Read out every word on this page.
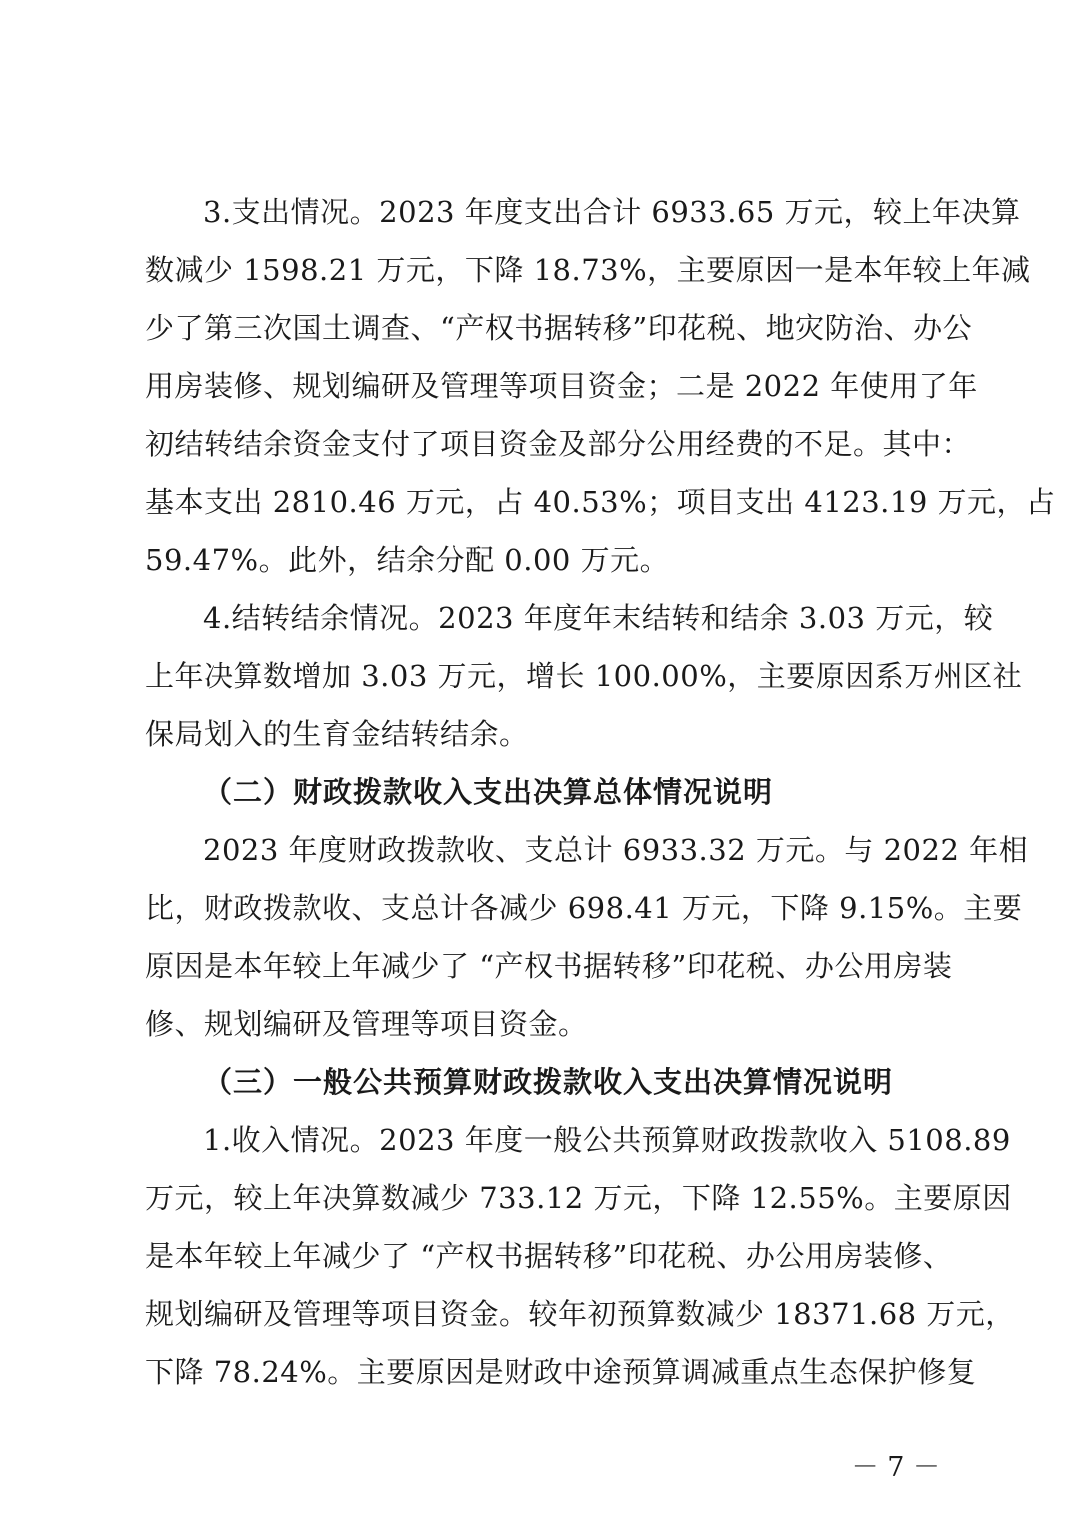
3.支出情况。2023 年度支出合计 6933.65 万元，较上年决算
数减少 1598.21 万元，下降 18.73%，主要原因一是本年较上年减
少了第三次国土调查、“产权书据转移”印花税、地灾防治、办公
用房装修、规划编研及管理等项目资金；二是 2022 年使用了年
初结转结余资金支付了项目资金及部分公用经费的不足。其中：
基本支出 2810.46 万元，占 40.53%；项目支出 4123.19 万元，占
59.47%。此外，结余分配 0.00 万元。
4.结转结余情况。2023 年度年末结转和结余 3.03 万元，较
上年决算数增加 3.03 万元，增长 100.00%，主要原因系万州区社
保局划入的生育金结转结余。
（二）财政拨款收入支出决算总体情况说明
2023 年度财政拨款收、支总计 6933.32 万元。与 2022 年相
比，财政拨款收、支总计各减少 698.41 万元，下降 9.15%。主要
原因是本年较上年减少了 “产权书据转移”印花税、办公用房装
修、规划编研及管理等项目资金。
（三）一般公共预算财政拨款收入支出决算情况说明
1.收入情况。2023 年度一般公共预算财政拨款收入 5108.89
万元，较上年决算数减少 733.12 万元，下降 12.55%。主要原因
是本年较上年减少了 “产权书据转移”印花税、办公用房装修、
规划编研及管理等项目资金。较年初预算数减少 18371.68 万元，
下降 78.24%。主要原因是财政中途预算调减重点生态保护修复
－ 7 －
